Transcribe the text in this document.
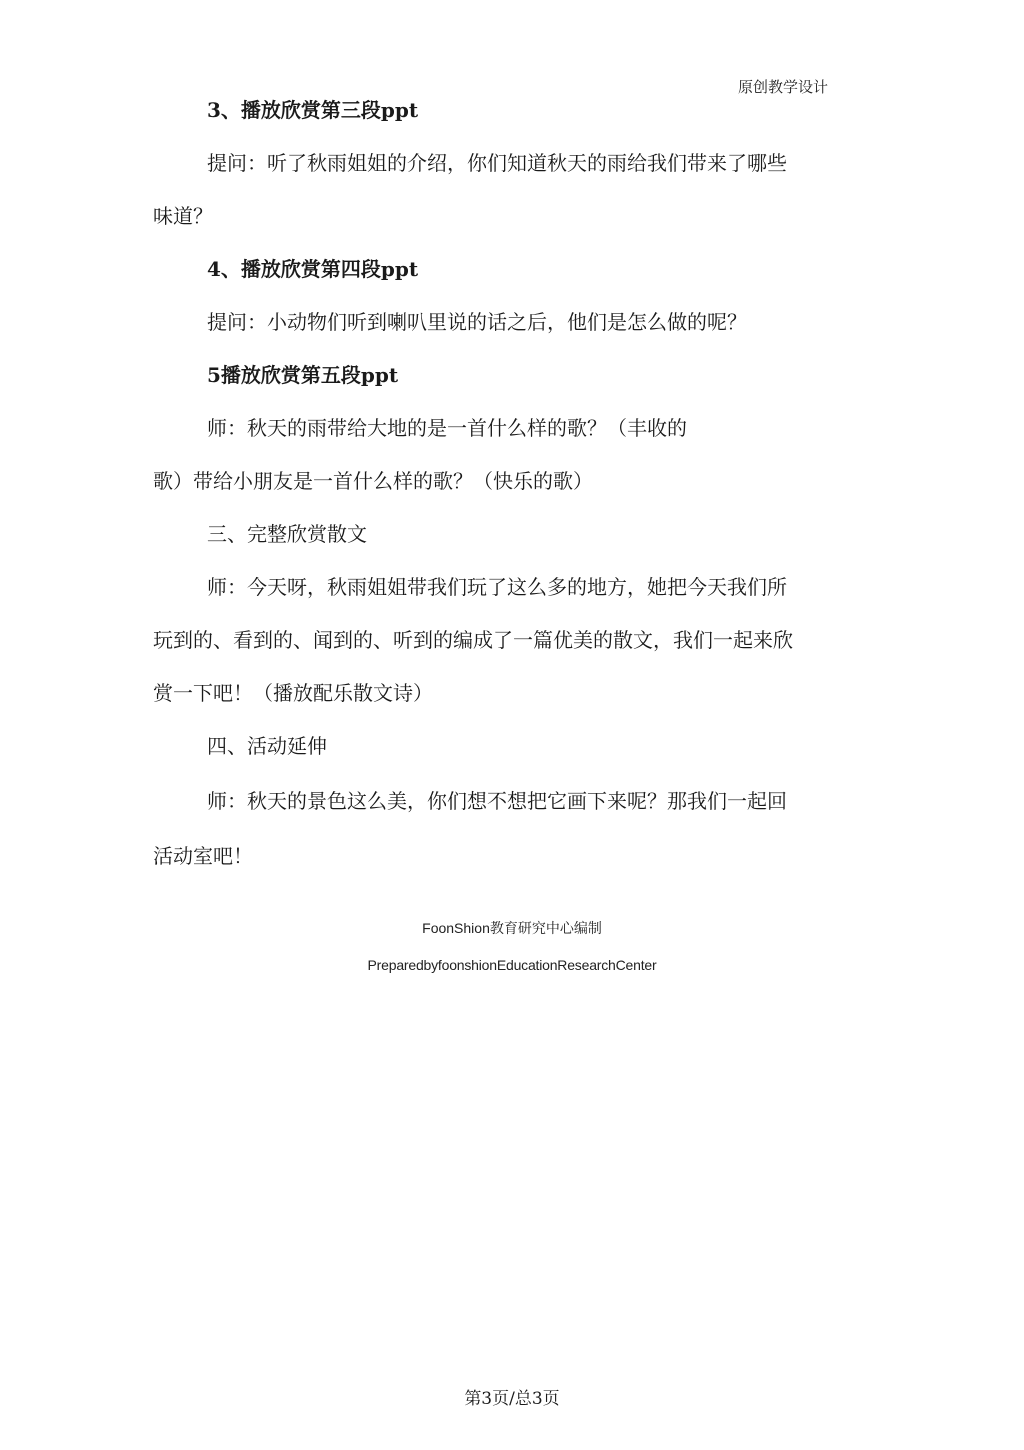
原创教学设计
3、播放欣赏第三段ppt
提问：听了秋雨姐姐的介绍，你们知道秋天的雨给我们带来了哪些
味道？
4、播放欣赏第四段ppt
提问：小动物们听到喇叭里说的话之后，他们是怎么做的呢？
5播放欣赏第五段ppt
师：秋天的雨带给大地的是一首什么样的歌？（丰收的
歌）带给小朋友是一首什么样的歌？（快乐的歌）
三、完整欣赏散文
师：今天呀，秋雨姐姐带我们玩了这么多的地方，她把今天我们所
玩到的、看到的、闻到的、听到的编成了一篇优美的散文，我们一起来欣
赏一下吧！（播放配乐散文诗）
四、活动延伸
师：秋天的景色这么美，你们想不想把它画下来呢？那我们一起回
活动室吧！
FoonShion教育研究中心编制
PreparedbyfoonshionEducationResearchCenter
第3页/总3页
